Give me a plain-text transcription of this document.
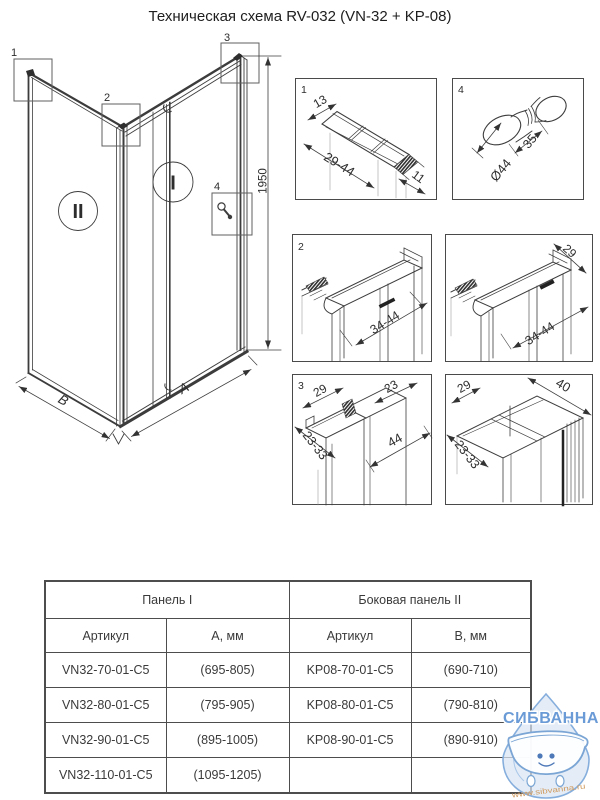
Техническая схема RV-032 (VN-32 + KP-08)
1
2
3
4
II
I	1950
A
B
1
13
29-44	11
4
35
Ø44
2
34-44
29
34-44
3 29	23
23-33	44
29	40
23-33
Панель I		Боковая панель II	
Артикул	А, мм	Артикул	В, мм
VN32-70-01-C5	(695-805)	KP08-70-01-C5	(690-710)
VN32-80-01-C5	(795-905)	KP08-80-01-C5	(790-810)
VN32-90-01-C5	(895-1005)	KP08-90-01-C5	(890-910)
VN32-110-01-C5	(1095-1205)		
СИБВАННА
www.sibvanna.ru
